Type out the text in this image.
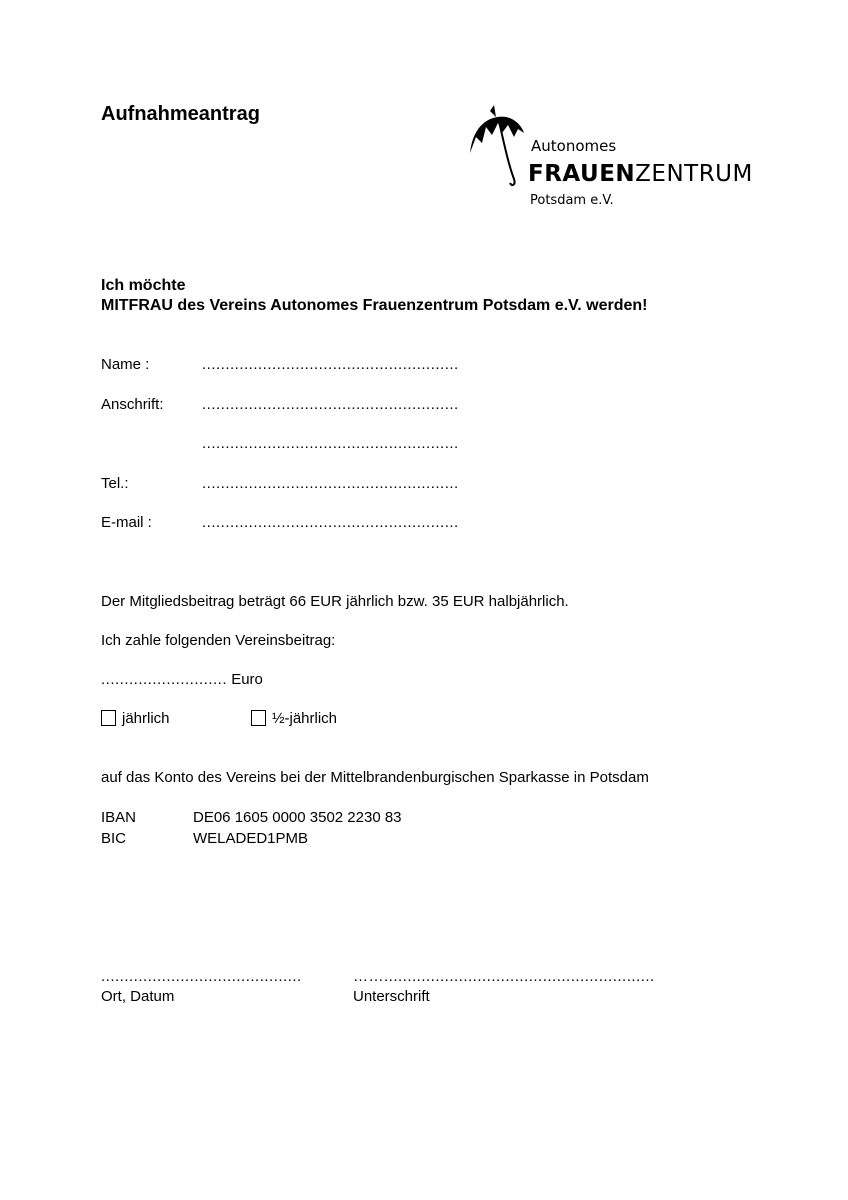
Aufnahmeantrag
Autonomes
FRAUENZENTRUM
Potsdam e.V.
Ich möchte
MITFRAU des Vereins Autonomes Frauenzentrum Potsdam e.V. werden!
Name :	.......................................................
Anschrift:	.......................................................
.......................................................
Tel.:	.......................................................
E-mail :	.......................................................
Der Mitgliedsbeitrag beträgt 66 EUR jährlich bzw. 35 EUR halbjährlich.
Ich zahle folgenden Vereinsbeitrag:
........................... Euro
jährlich	½-jährlich
auf das Konto des Vereins bei der Mittelbrandenburgischen Sparkasse in Potsdam
IBAN	DE06 1605 0000 3502 2230 83
BIC	WELADED1PMB
...........................................
Ort, Datum
……..........................................................
Unterschrift
